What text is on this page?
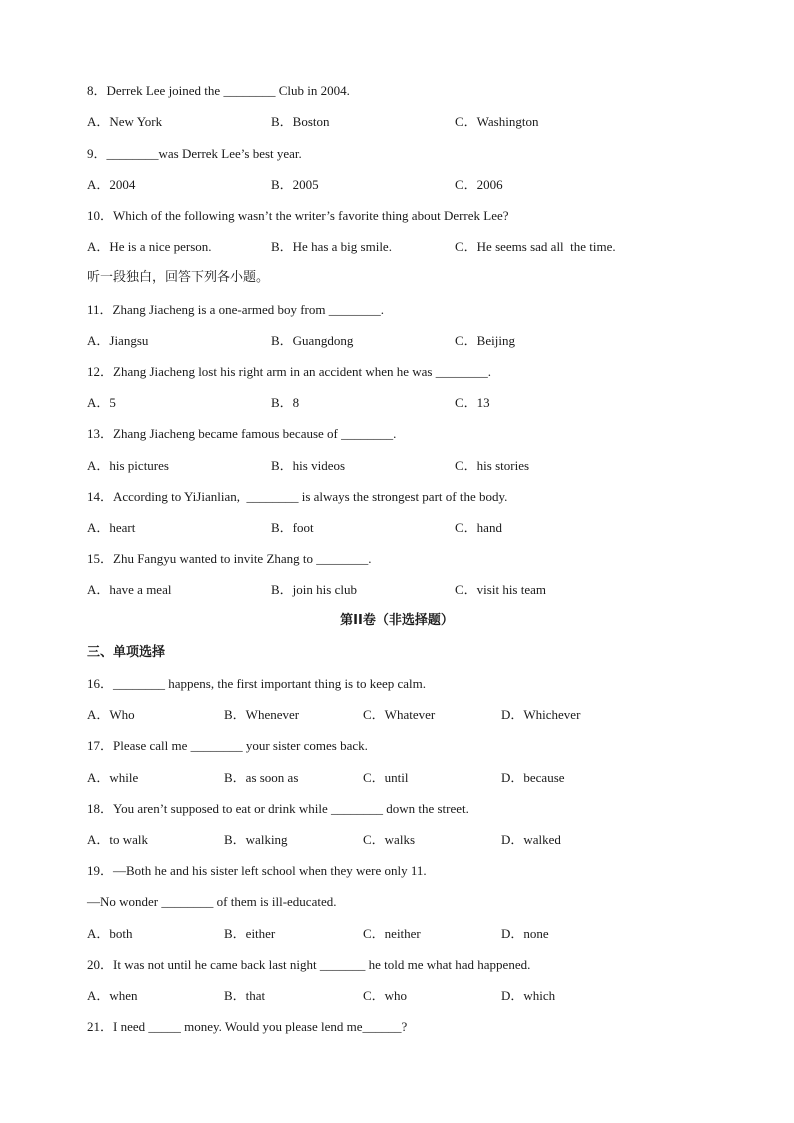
8．Derrek Lee joined the ________ Club in 2004.
A．New York	B．Boston	C．Washington
9．________was Derrek Lee’s best year.
A．2004	B．2005	C．2006
10．Which of the following wasn’t the writer’s favorite thing about Derrek Lee?
A．He is a nice person.	B．He has a big smile.	C．He seems sad all  the time.
听一段独白，回答下列各小题。
11．Zhang Jiacheng is a one-armed boy from ________.
A．Jiangsu	B．Guangdong	C．Beijing
12．Zhang Jiacheng lost his right arm in an accident when he was ________.
A．5	B．8	C．13
13．Zhang Jiacheng became famous because of ________.
A．his pictures	B．his videos	C．his stories
14．According to YiJianlian,  ________ is always the strongest part of the body.
A．heart	B．foot	C．hand
15．Zhu Fangyu wanted to invite Zhang to ________.
A．have a meal	B．join his club	C．visit his team
第II卷（非选择题）
三、单项选择
16．________ happens, the first important thing is to keep calm.
A．Who	B．Whenever	C．Whatever	D．Whichever
17．Please call me ________ your sister comes back.
A．while	B．as soon as	C．until	D．because
18．You aren’t supposed to eat or drink while ________ down the street.
A．to walk	B．walking	C．walks	D．walked
19．—Both he and his sister left school when they were only 11.
—No wonder ________ of them is ill-educated.
A．both	B．either	C．neither	D．none
20．It was not until he came back last night _______ he told me what had happened.
A．when	B．that	C．who	D．which
21．I need _____ money. Would you please lend me______?
